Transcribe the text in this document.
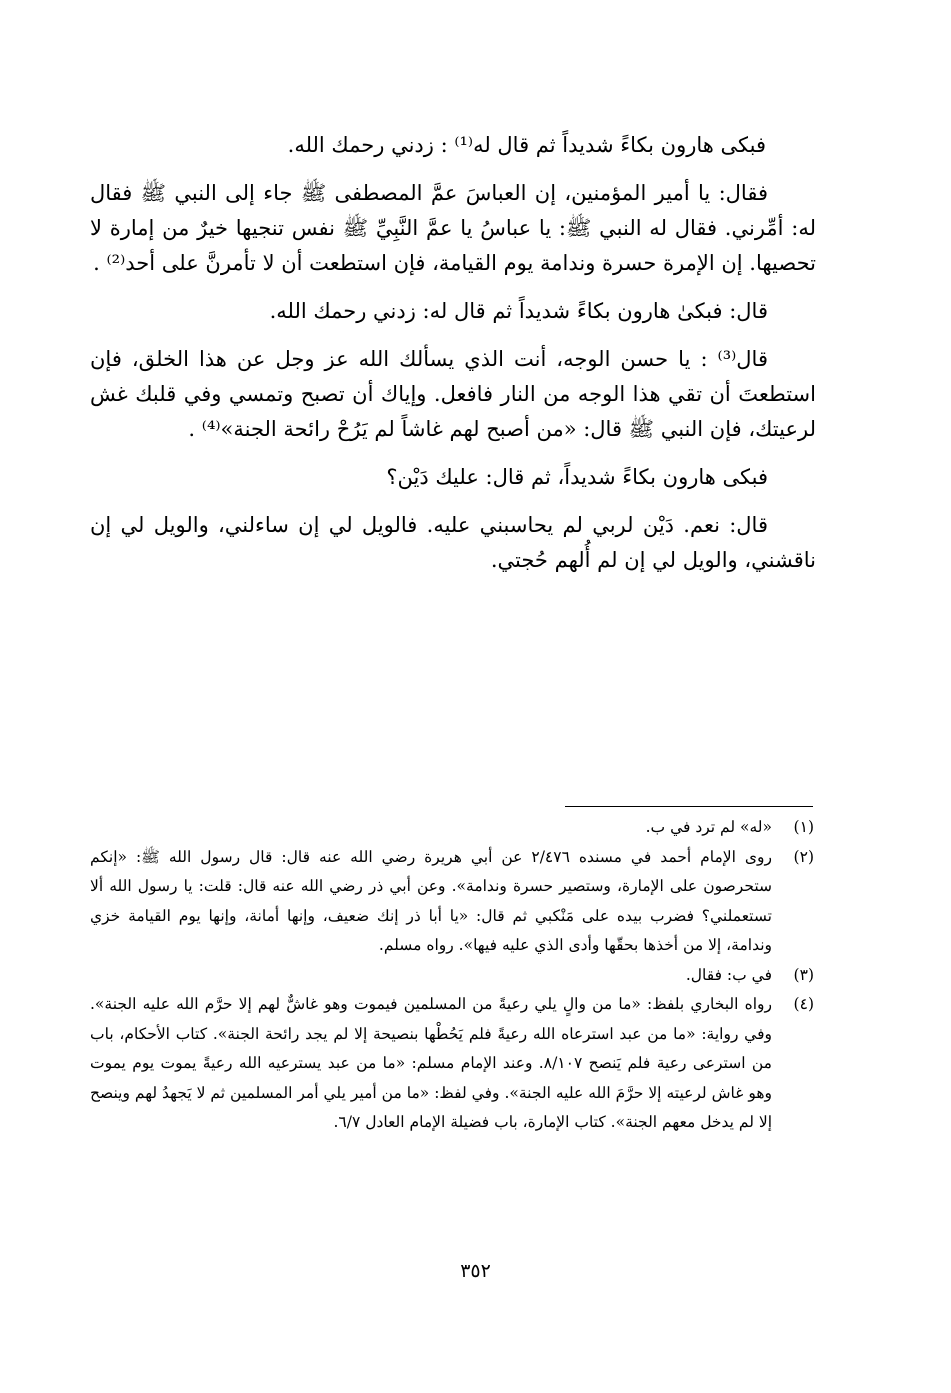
فبكى هارون بكاءً شديداً ثم قال له⁽¹⁾ : زدني رحمك الله.

فقال: يا أمير المؤمنين، إن العباسَ عمَّ المصطفى ﷺ جاء إلى النبي ﷺ فقال له: أمِّرني. فقال له النبي ﷺ: يا عباسُ يا عمَّ النَّبِيِّ ﷺ نفس تنجيها خيرٌ من إمارة لا تحصيها. إن الإمرة حسرة وندامة يوم القيامة، فإن استطعت أن لا تأمرنَّ على أحد⁽²⁾ .

قال: فبكىٰ هارون بكاءً شديداً ثم قال له: زدني رحمك الله.

قال⁽³⁾ : يا حسن الوجه، أنت الذي يسألك الله عز وجل عن هذا الخلق، فإن استطعتَ أن تقي هذا الوجه من النار فافعل. وإياك أن تصبح وتمسي وفي قلبك غش لرعيتك، فإن النبي ﷺ قال: «من أصبح لهم غاشاً لم يَرُحْ رائحة الجنة»⁽⁴⁾ .

فبكى هارون بكاءً شديداً، ثم قال: عليك دَيْن؟

قال: نعم. دَيْن لربي لم يحاسبني عليه. فالويل لي إن ساءلني، والويل لي إن ناقشني، والويل لي إن لم أُلهم حُجتي.

(١)
«له» لم ترد في ب.
(٢)
روى الإمام أحمد في مسنده ٢/٤٧٦ عن أبي هريرة رضي الله عنه قال: قال رسول الله ﷺ: «إنكم ستحرصون على الإمارة، وستصير حسرة وندامة». وعن أبي ذر رضي الله عنه قال: قلت: يا رسول الله ألا تستعملني؟ فضرب بيده على مَنْكبي ثم قال: «يا أبا ذر إنك ضعيف، وإنها أمانة، وإنها يوم القيامة خزي وندامة، إلا من أخذها بحقّها وأدى الذي عليه فيها». رواه مسلم.
(٣)
في ب: فقال.
(٤)
رواه البخاري بلفظ: «ما من والٍ يلي رعيةً من المسلمين فيموت وهو غاشٌّ لهم إلا حرَّم الله عليه الجنة». وفي رواية: «ما من عبد استرعاه الله رعيةً فلم يَحُطْها بنصيحة إلا لم يجد رائحة الجنة». كتاب الأحكام، باب من استرعى رعية فلم يَنصح ٨/١٠٧. وعند الإمام مسلم: «ما من عبد يسترعيه الله رعيةً يموت يوم يموت وهو غاش لرعيته إلا حرَّمَ الله عليه الجنة». وفي لفظ: «ما من أمير يلي أمر المسلمين ثم لا يَجهدُ لهم وينصح إلا لم يدخل معهم الجنة». كتاب الإمارة، باب فضيلة الإمام العادل ٦/٧.
٣٥٢
